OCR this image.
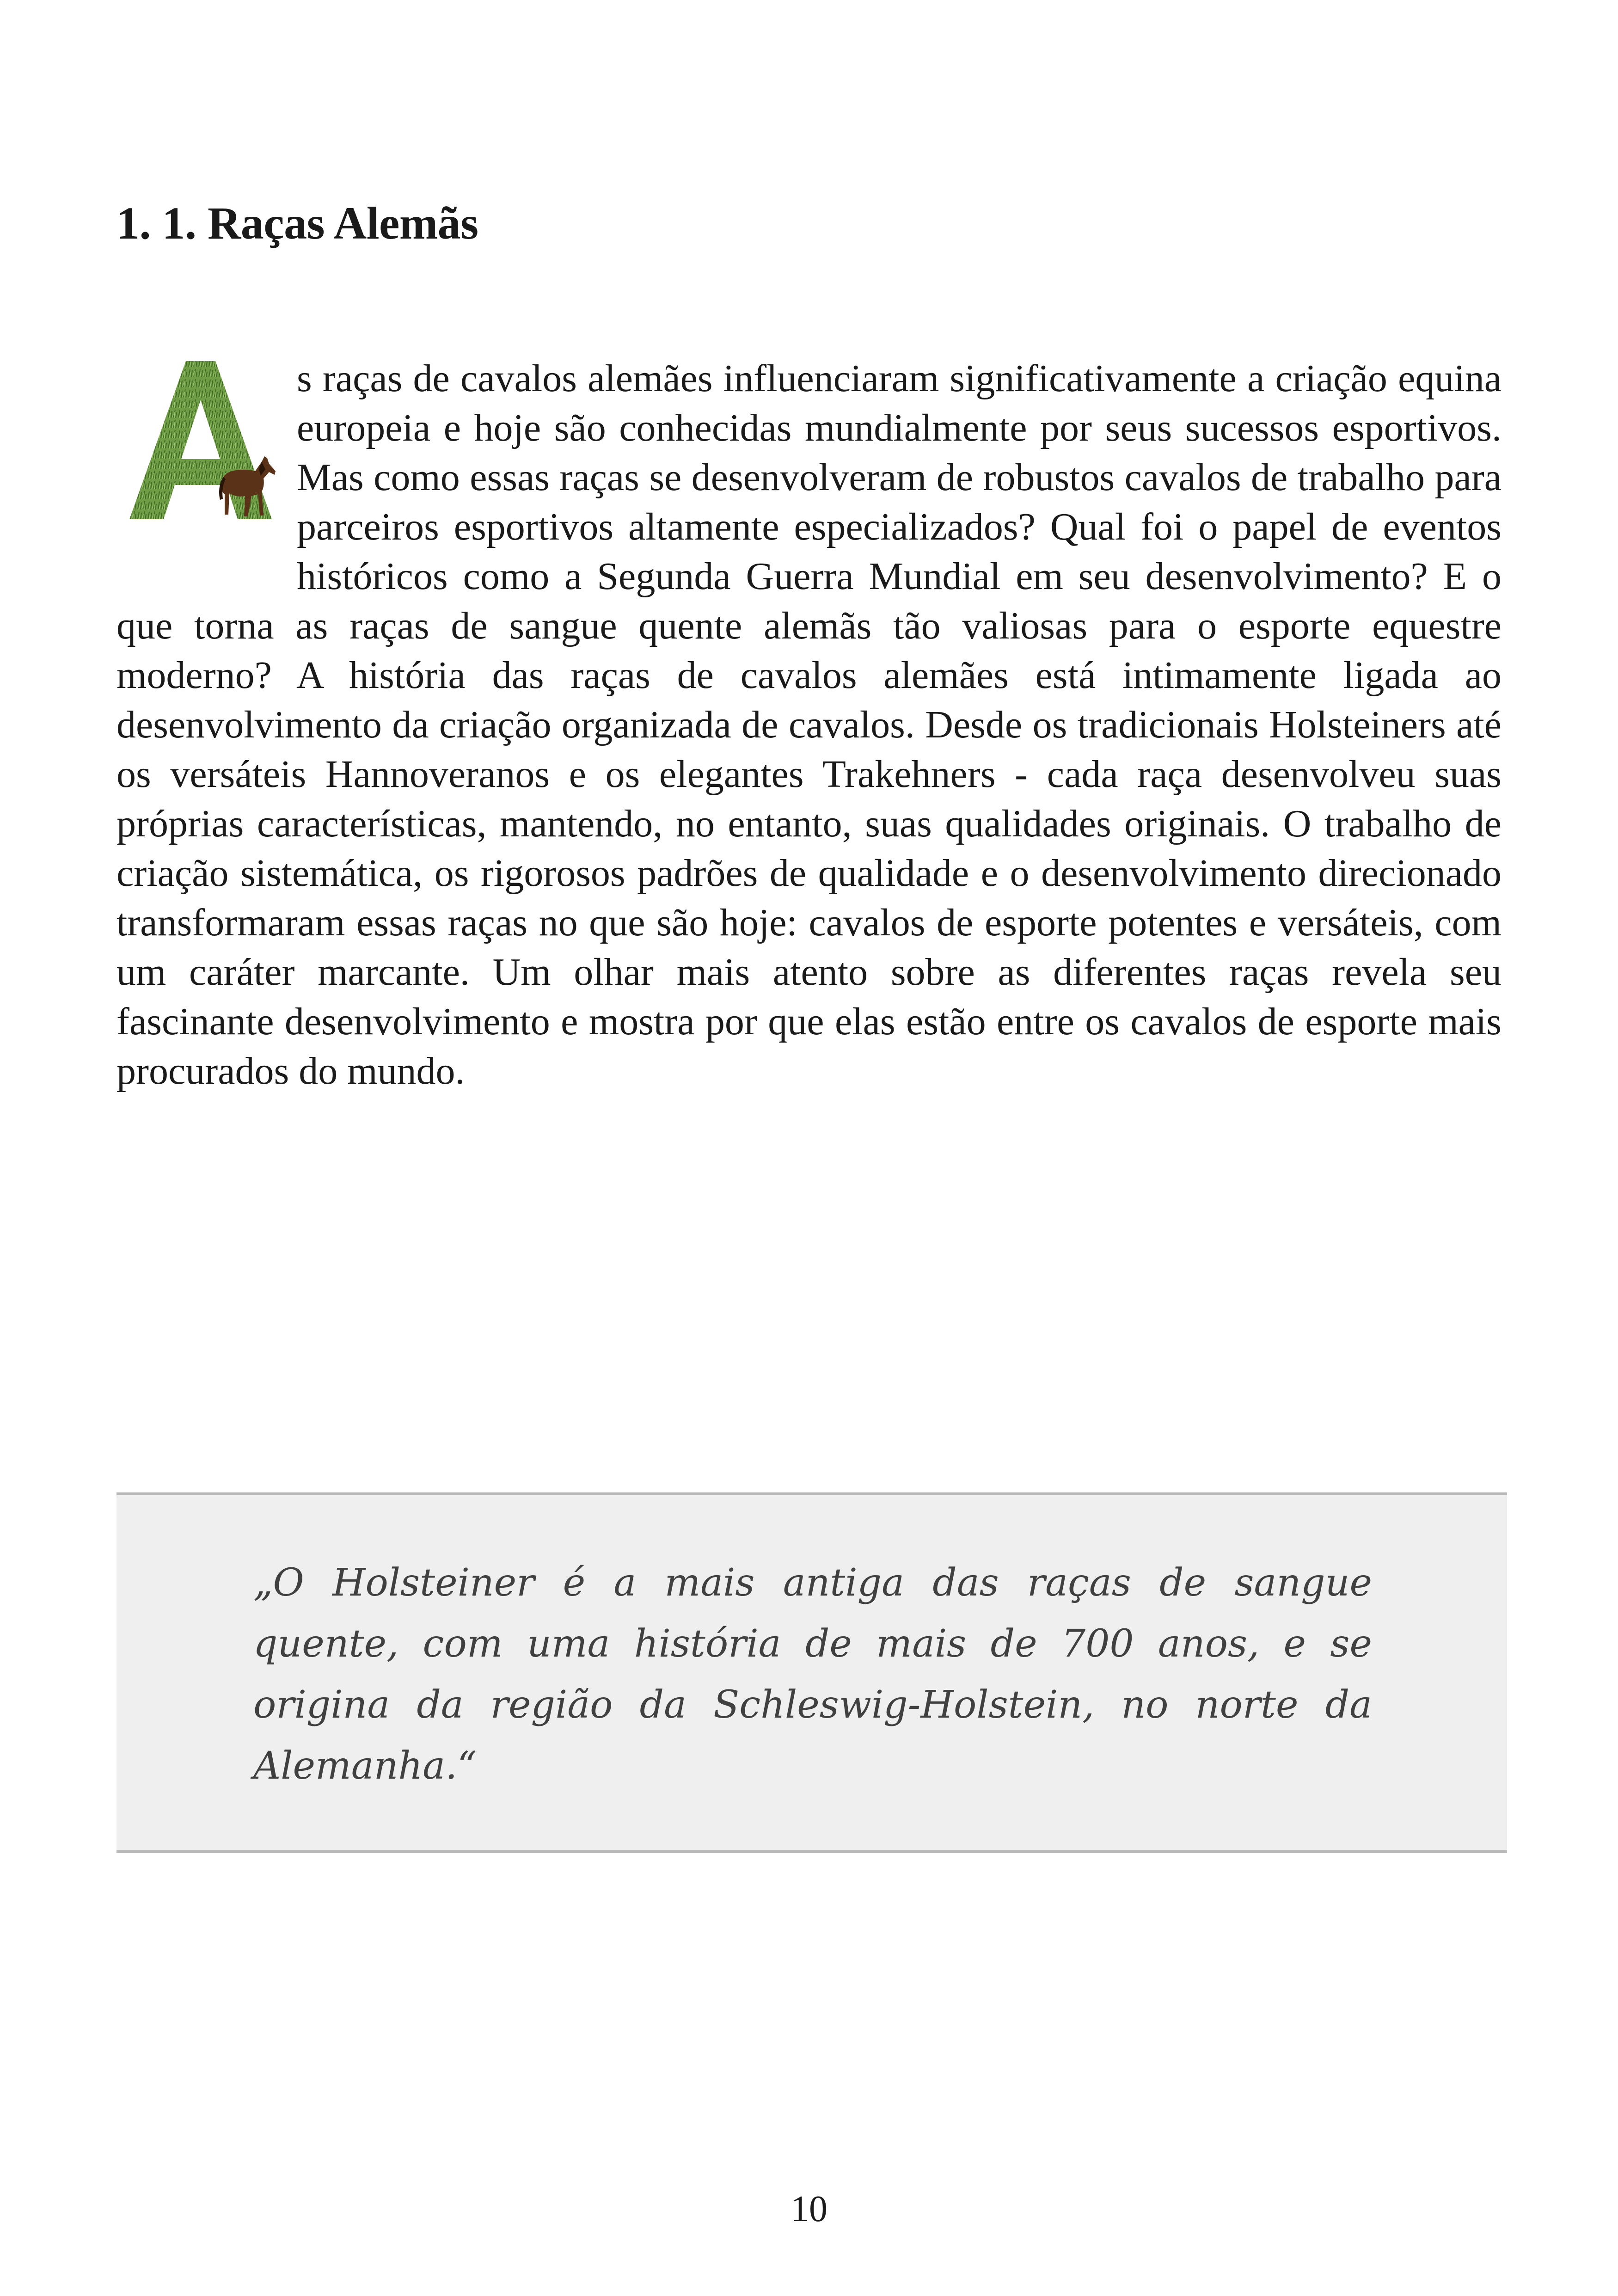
1. 1. Raças Alemãs

s raças de cavalos alemães influenciaram significativamente a criação equina europeia e hoje são conhecidas mundialmente por seus sucessos esportivos. Mas como essas raças se desenvolveram de robustos cavalos de trabalho para parceiros esportivos altamente especializados? Qual foi o papel de eventos históricos como a Segunda Guerra Mundial em seu desenvolvimento? E o que torna as raças de sangue quente alemãs tão valiosas para o esporte equestre moderno? A história das raças de cavalos alemães está intimamente ligada ao desenvolvimento da criação organizada de cavalos. Desde os tradicionais Holsteiners até os versáteis Hannoveranos e os elegantes Trakehners - cada raça desenvolveu suas próprias características, mantendo, no entanto, suas qualidades originais. O trabalho de criação sistemática, os rigorosos padrões de qualidade e o desenvolvimento direcionado transformaram essas raças no que são hoje: cavalos de esporte potentes e versáteis, com um caráter marcante. Um olhar mais atento sobre as diferentes raças revela seu fascinante desenvolvimento e mostra por que elas estão entre os cavalos de esporte mais procurados do mundo.

„O Holsteiner é a mais antiga das raças de sangue quente, com uma história de mais de 700 anos, e se origina da região da Schleswig-Holstein, no norte da Alemanha.“

10
